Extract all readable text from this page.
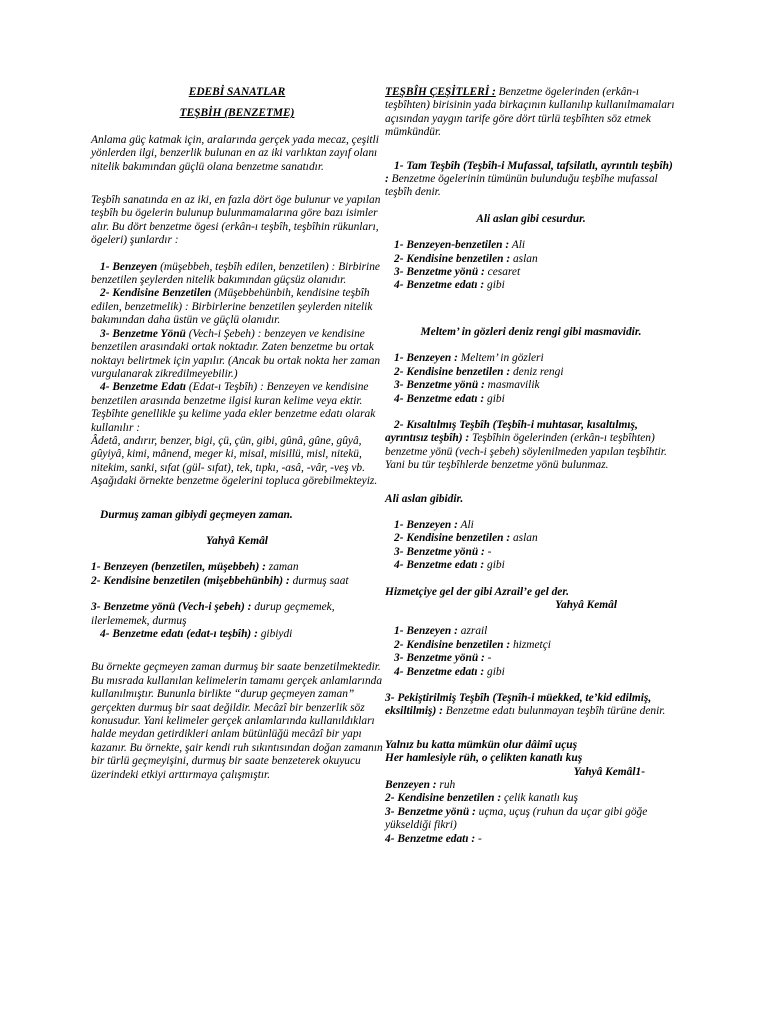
EDEBİ SANATLAR

TEŞBİH (BENZETME)

Anlama güç katmak için, aralarında gerçek yada mecaz, çeşitli yönlerden ilgi, benzerlik bulunan en az iki varlıktan zayıf olanı nitelik bakımından güçlü olana benzetme sanatıdır.

Teşbîh sanatında en az iki, en fazla dört öge bulunur ve yapılan teşbîh bu ögelerin bulunup bulunmamalarına göre bazı isimler alır. Bu dört benzetme ögesi (erkân-ı teşbîh, teşbîhin rükunları, ögeleri) şunlardır :

1- Benzeyen (müşebbeh, teşbîh edilen, benzetilen) : Birbirine benzetilen şeylerden nitelik bakımından güçsüz olanıdır.

2- Kendisine Benzetilen (Müşebbehünbih, kendisine teşbîh edilen, benzetmelik) : Birbirlerine benzetilen şeylerden nitelik bakımından daha üstün ve güçlü olanıdır.

3- Benzetme Yönü (Vech-i Şebeh) : benzeyen ve kendisine benzetilen arasındaki ortak noktadır. Zaten benzetme bu ortak noktayı belirtmek için yapılır. (Ancak bu ortak nokta her zaman vurgulanarak zikredilmeyebilir.)

4- Benzetme Edatı (Edat-ı Teşbîh) : Benzeyen ve kendisine benzetilen arasında benzetme ilgisi kuran kelime veya ektir. Teşbîhte genellikle şu kelime yada ekler benzetme edatı olarak kullanılır :

Âdetâ, andırır, benzer, bigi, çü, çün, gibi, gûnâ, gûne, gûyâ, gûyiyâ, kimi, mânend, meger ki, misal, misillü, misl, nitekü, nitekim, sanki, sıfat (gül- sıfat), tek, tıpkı, -asâ, -vâr, -veş vb.

Aşağıdaki örnekte benzetme ögelerini topluca görebilmekteyiz.

Durmuş zaman gibiydi geçmeyen zaman.

Yahyâ Kemâl

1- Benzeyen (benzetilen, müşebbeh) : zaman

2- Kendisine benzetilen (mişebbehünbih) : durmuş saat

3- Benzetme yönü (Vech-i şebeh) : durup geçmemek, ilerlememek, durmuş

4- Benzetme edatı (edat-ı teşbîh) : gibiydi

Bu örnekte geçmeyen zaman durmuş bir saate benzetilmektedir. Bu mısrada kullanılan kelimelerin tamamı gerçek anlamlarında kullanılmıştır. Bununla birlikte “durup geçmeyen zaman” gerçekten durmuş bir saat değildir. Mecâzî bir benzerlik söz konusudur. Yani kelimeler gerçek anlamlarında kullanıldıkları halde meydan getirdikleri anlam bütünlüğü mecâzî bir yapı kazanır. Bu örnekte, şair kendi ruh sıkıntısından doğan zamanın bir türlü geçmeyişini, durmuş bir saate benzeterek okuyucu üzerindeki etkiyi arttırmaya çalışmıştır.

TEŞBÎH ÇEŞİTLERİ : Benzetme ögelerinden (erkân-ı teşbîhten) birisinin yada birkaçının kullanılıp kullanılmamaları açısından yaygın tarife göre dört türlü teşbîhten söz etmek mümkündür.

1- Tam Teşbîh (Teşbîh-i Mufassal, tafsilatlı, ayrıntılı teşbîh) : Benzetme ögelerinin tümünün bulunduğu teşbîhe mufassal teşbîh denir.

Ali aslan gibi cesurdur.

1- Benzeyen-benzetilen : Ali

2- Kendisine benzetilen : aslan

3- Benzetme yönü : cesaret

4- Benzetme edatı : gibi

Meltem’ in gözleri deniz rengi gibi masmavidir.

1- Benzeyen : Meltem’ in gözleri

2- Kendisine benzetilen : deniz rengi

3- Benzetme yönü : masmavilik

4- Benzetme edatı : gibi

2- Kısaltılmış Teşbîh (Teşbîh-i muhtasar, kısaltılmış, ayrıntısız teşbîh) : Teşbîhin ögelerinden (erkân-ı teşbîhten) benzetme yönü (vech-i şebeh) söylenilmeden yapılan teşbîhtir. Yani bu tür teşbîhlerde benzetme yönü bulunmaz.

Ali aslan gibidir.

1- Benzeyen : Ali

2- Kendisine benzetilen : aslan

3- Benzetme yönü : -

4- Benzetme edatı : gibi

Hizmetçiye gel der gibi Azrail’e gel der.

Yahyâ Kemâl

1- Benzeyen : azrail

2- Kendisine benzetilen : hizmetçi

3- Benzetme yönü : -

4- Benzetme edatı : gibi

3- Pekiştirilmiş Teşbîh (Teşnîh-i müekked, te’kid edilmiş, eksiltilmiş) : Benzetme edatı bulunmayan teşbîh türüne denir.

Yalnız bu katta mümkün olur dâimî uçuş

Her hamlesiyle rüh, o çelikten kanatlı kuş

Yahyâ Kemâl1-

Benzeyen : ruh

2- Kendisine benzetilen : çelik kanatlı kuş

3- Benzetme yönü : uçma, uçuş (ruhun da uçar gibi göğe yükseldiği fikri)

4- Benzetme edatı : -
